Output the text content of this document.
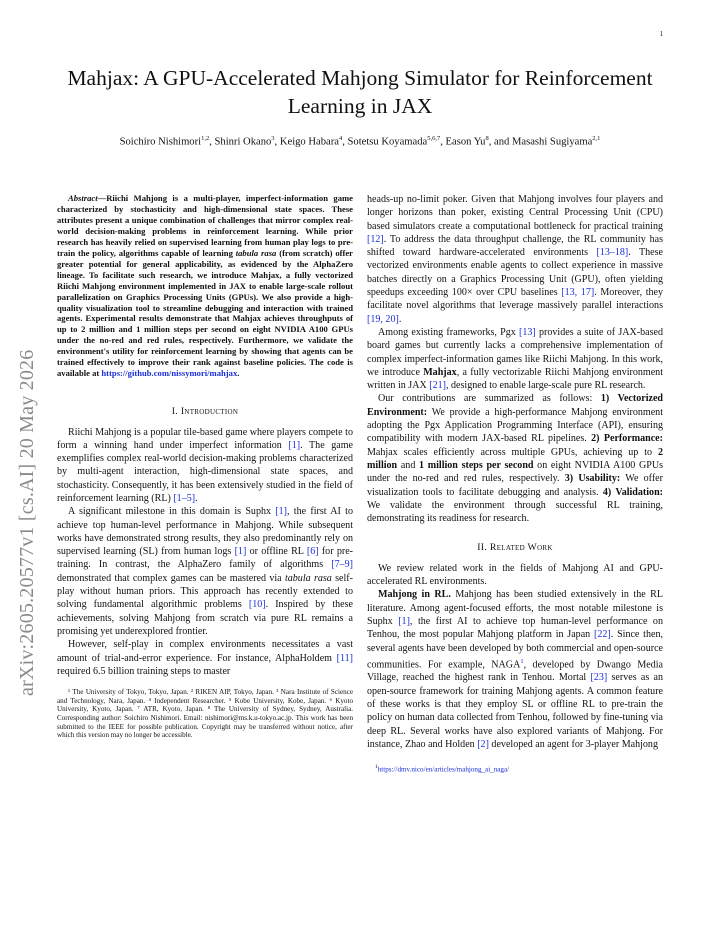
1
arXiv:2605.20577v1 [cs.AI] 20 May 2026
Mahjax: A GPU-Accelerated Mahjong Simulator for Reinforcement
Learning in JAX
Soichiro Nishimori$^{1,2}$, Shinri Okano$^3$, Keigo Habara$^4$, Sotetsu Koyamada$^{5,6,7}$, Eason Yu$^8$, and Masashi Sugiyama$^{2,1}$

Abstract—Riichi Mahjong is a multi-player, imperfect-information game characterized by stochasticity and high-dimensional state spaces. These attributes present a unique combination of challenges that mirror complex real-world decision-making problems in reinforcement learning. While prior research has heavily relied on supervised learning from human play logs to pre-train the policy, algorithms capable of learning tabula rasa (from scratch) offer greater potential for general applicability, as evidenced by the AlphaZero lineage. To facilitate such research, we introduce Mahjax, a fully vectorized Riichi Mahjong environment implemented in JAX to enable large-scale rollout parallelization on Graphics Processing Units (GPUs). We also provide a high-quality visualization tool to streamline debugging and interaction with trained agents. Experimental results demonstrate that Mahjax achieves throughputs of up to 2 million and 1 million steps per second on eight NVIDIA A100 GPUs under the no-red and red rules, respectively. Furthermore, we validate the environment's utility for reinforcement learning by showing that agents can be trained effectively to improve their rank against baseline policies. The code is available at https://github.com/nissymori/mahjax.

I. Introduction

Riichi Mahjong is a popular tile-based game where players compete to form a winning hand under imperfect information [1]. The game exemplifies complex real-world decision-making problems characterized by multi-agent interaction, high-dimensional state spaces, and stochasticity. Consequently, it has been extensively studied in the field of reinforcement learning (RL) [1–5].

A significant milestone in this domain is Suphx [1], the first AI to achieve top human-level performance in Mahjong. While subsequent works have demonstrated strong results, they also predominantly rely on supervised learning (SL) from human logs [1] or offline RL [6] for pre-training. In contrast, the AlphaZero family of algorithms [7–9] demonstrated that complex games can be mastered via tabula rasa self-play without human priors. This approach has recently extended to solving fundamental algorithmic problems [10]. Inspired by these achievements, solving Mahjong from scratch via pure RL remains a promising yet underexplored frontier.

However, self-play in complex environments necessitates a vast amount of trial-and-error experience. For instance, AlphaHoldem [11] required 6.5 billion training steps to master

¹ The University of Tokyo, Tokyo, Japan. ² RIKEN AIP, Tokyo, Japan. ³ Nara Institute of Science and Technology, Nara, Japan. ⁴ Independent Researcher. ⁵ Kobe University, Kobe, Japan. ⁶ Kyoto University, Kyoto, Japan. ⁷ ATR, Kyoto, Japan. ⁸ The University of Sydney, Sydney, Australia. Corresponding author: Soichiro Nishimori. Email: nishimori@ms.k.u-tokyo.ac.jp. This work has been submitted to the IEEE for possible publication. Copyright may be transferred without notice, after which this version may no longer be accessible.

heads-up no-limit poker. Given that Mahjong involves four players and longer horizons than poker, existing Central Processing Unit (CPU) based simulators create a computational bottleneck for practical training [12]. To address the data throughput challenge, the RL community has shifted toward hardware-accelerated environments [13–18]. These vectorized environments enable agents to collect experience in massive batches directly on a Graphics Processing Unit (GPU), often yielding speedups exceeding 100× over CPU baselines [13, 17]. Moreover, they facilitate novel algorithms that leverage massively parallel interactions [19, 20].

Among existing frameworks, Pgx [13] provides a suite of JAX-based board games but currently lacks a comprehensive implementation of complex imperfect-information games like Riichi Mahjong. In this work, we introduce Mahjax, a fully vectorizable Riichi Mahjong environment written in JAX [21], designed to enable large-scale pure RL research.

Our contributions are summarized as follows: 1) Vectorized Environment: We provide a high-performance Mahjong environment adopting the Pgx Application Programming Interface (API), ensuring compatibility with modern JAX-based RL pipelines. 2) Performance: Mahjax scales efficiently across multiple GPUs, achieving up to 2 million and 1 million steps per second on eight NVIDIA A100 GPUs under the no-red and red rules, respectively. 3) Usability: We offer visualization tools to facilitate debugging and analysis. 4) Validation: We validate the environment through successful RL training, demonstrating its readiness for research.

II. Related Work

We review related work in the fields of Mahjong AI and GPU-accelerated RL environments.

Mahjong in RL. Mahjong has been studied extensively in the RL literature. Among agent-focused efforts, the most notable milestone is Suphx [1], the first AI to achieve top human-level performance on Tenhou, the most popular Mahjong platform in Japan [22]. Since then, several agents have been developed by both commercial and open-source communities. For example, NAGA$^1$, developed by Dwango Media Village, reached the highest rank in Tenhou. Mortal [23] serves as an open-source framework for training Mahjong agents. A common feature of these works is that they employ SL or offline RL to pre-train the policy on human data collected from Tenhou, followed by fine-tuning via deep RL. Several works have also explored variants of Mahjong. For instance, Zhao and Holden [2] developed an agent for 3-player Mahjong

$^1$https://dmv.nico/en/articles/mahjong_ai_naga/
